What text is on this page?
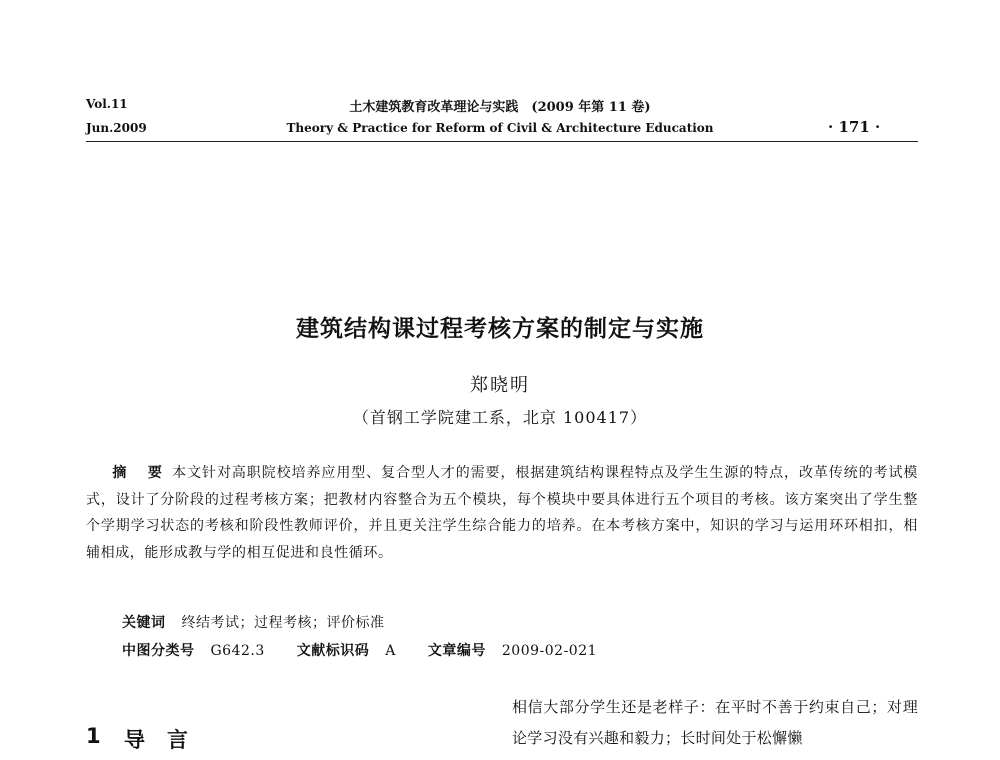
Vol.11
Jun.2009
土木建筑教育改革理论与实践　(2009 年第 11 卷)
Theory & Practice for Reform of Civil & Architecture Education	· 171 ·
建筑结构课过程考核方案的制定与实施
郑晓明
（首钢工学院建工系，北京 100417）
摘 要 本文针对高职院校培养应用型、复合型人才的需要，根据建筑结构课程特点及学生生源的特点，改革传统的考试模式，设计了分阶段的过程考核方案；把教材内容整合为五个模块，每个模块中要具体进行五个项目的考核。该方案突出了学生整个学期学习状态的考核和阶段性教师评价，并且更关注学生综合能力的培养。在本考核方案中，知识的学习与运用环环相扣，相辅相成，能形成教与学的相互促进和良性循环。
关键词 终结考试；过程考核；评价标准
中图分类号 G642.3 文献标识码 A 文章编号 2009-02-021
1 导言
相信大部分学生还是老样子：在平时不善于约束自己；对理论学习没有兴趣和毅力；长时间处于松懈懒
